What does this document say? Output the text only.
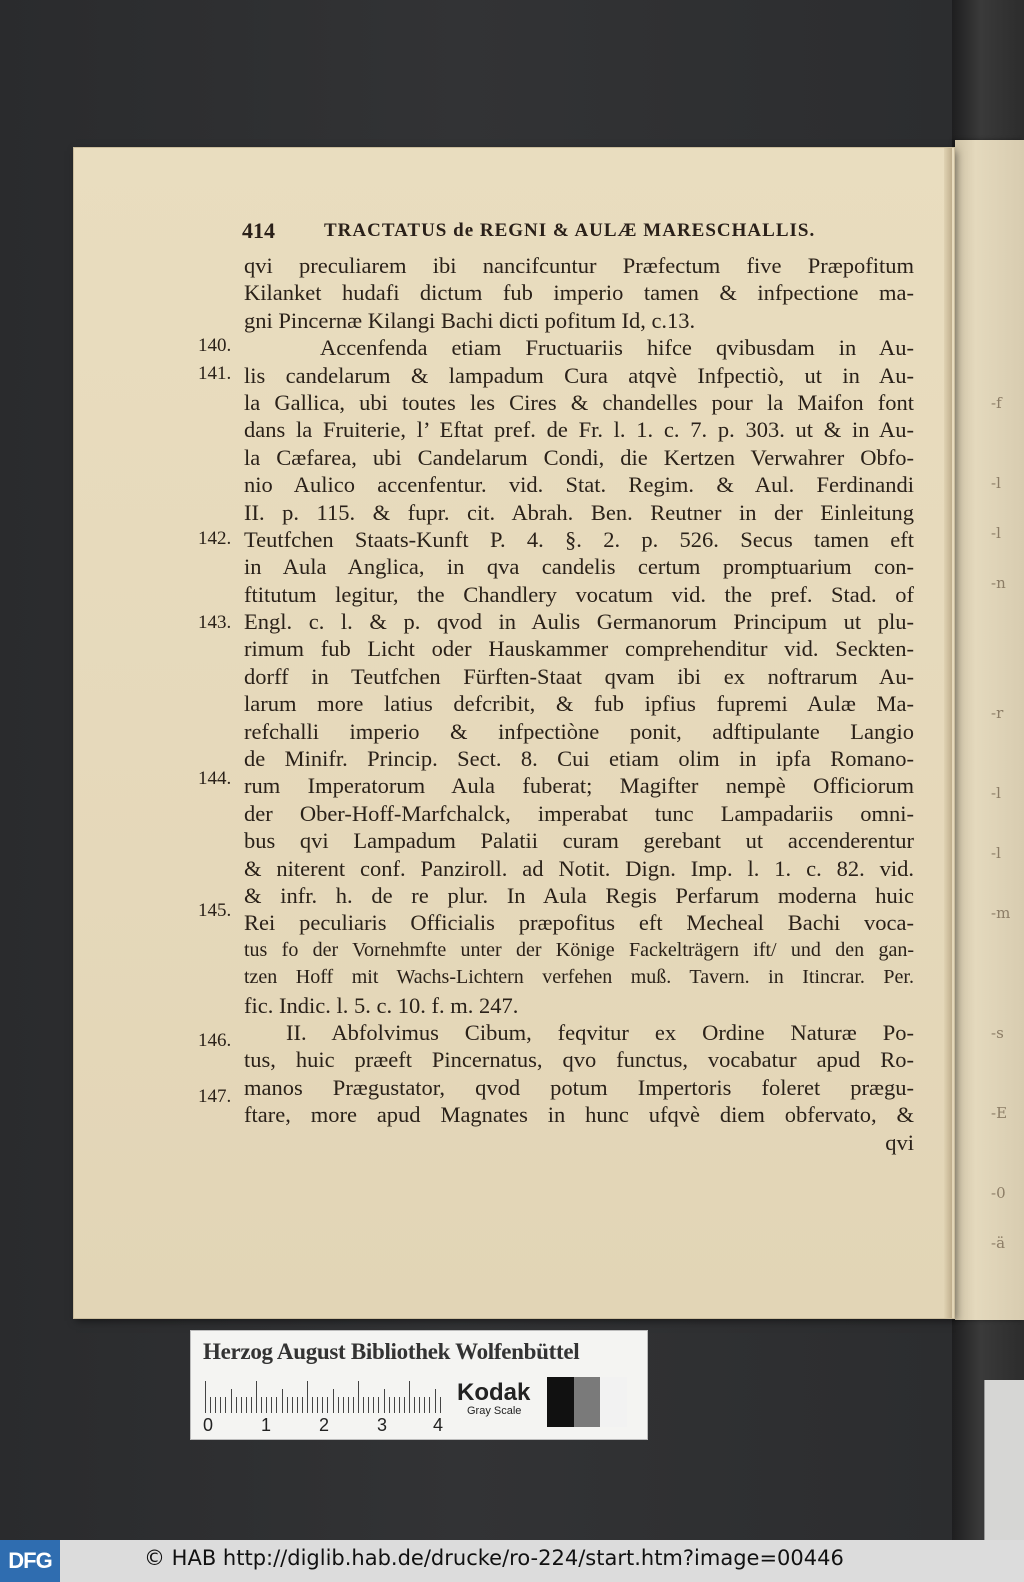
-f
-l
-l
-n
-r
-l
-l
-m
-s
-E
-0
-ä
414	TRACTATUS de REGNI & AULÆ MARESCHALLIS.
140.
141.
142.
143.
144.
145.
146.
147.
qvi preculiarem ibi nancifcuntur Præfectum five Præpofitum
Kilanket hudafi dictum fub imperio tamen & infpectione ma-
gni Pincernæ Kilangi Bachi dicti pofitum Id, c.13.
Accenfenda etiam Fructuariis hifce qvibusdam in Au-
lis candelarum & lampadum Cura atqvè Infpectiò, ut in Au-
la Gallica, ubi toutes les Cires & chandelles pour la Maifon font
dans la Fruiterie, l’ Eftat pref. de Fr. l. 1. c. 7. p. 303. ut & in Au-
la Cæfarea, ubi Candelarum Condi, die Kertzen Verwahrer Obfo-
nio Aulico accenfentur. vid. Stat. Regim. & Aul. Ferdinandi
II. p. 115. & fupr. cit. Abrah. Ben. Reutner in der Einleitung
Teutfchen Staats-Kunft P. 4. §. 2. p. 526. Secus tamen eft
in Aula Anglica, in qva candelis certum promptuarium con-
ftitutum legitur, the Chandlery vocatum vid. the pref. Stad. of
Engl. c. l. & p. qvod in Aulis Germanorum Principum ut plu-
rimum fub Licht oder Hauskammer comprehenditur vid. Seckten-
dorff in Teutfchen Fürften-Staat qvam ibi ex noftrarum Au-
larum more latius defcribit, & fub ipfius fupremi Aulæ Ma-
refchalli imperio & infpectiòne ponit, adftipulante Langio
de Minifr. Princip. Sect. 8. Cui etiam olim in ipfa Romano-
rum Imperatorum Aula fuberat; Magifter nempè Officiorum
der Ober-Hoff-Marfchalck, imperabat tunc Lampadariis omni-
bus qvi Lampadum Palatii curam gerebant ut accenderentur
& niterent conf. Panziroll. ad Notit. Dign. Imp. l. 1. c. 82. vid.
& infr. h. de re plur. In Aula Regis Perfarum moderna huic
Rei peculiaris Officialis præpofitus eft Mecheal Bachi voca-
tus fo der Vornehmfte unter der Könige Fackelträgern ift/ und den gan-
tzen Hoff mit Wachs-Lichtern verfehen muß. Tavern. in Itincrar. Per.
fic. Indic. l. 5. c. 10. f. m. 247.
II. Abfolvimus Cibum, feqvitur ex Ordine Naturæ Po-
tus, huic præeft Pincernatus, qvo functus, vocabatur apud Ro-
manos Prægustator, qvod potum Impertoris foleret prægu-
ftare, more apud Magnates in hunc ufqvè diem obfervato, &
qvi
Herzog August Bibliothek Wolfenbüttel
0	1	2	3	4
Kodak
Gray Scale
DFG	© HAB http://diglib.hab.de/drucke/ro-224/start.htm?image=00446
